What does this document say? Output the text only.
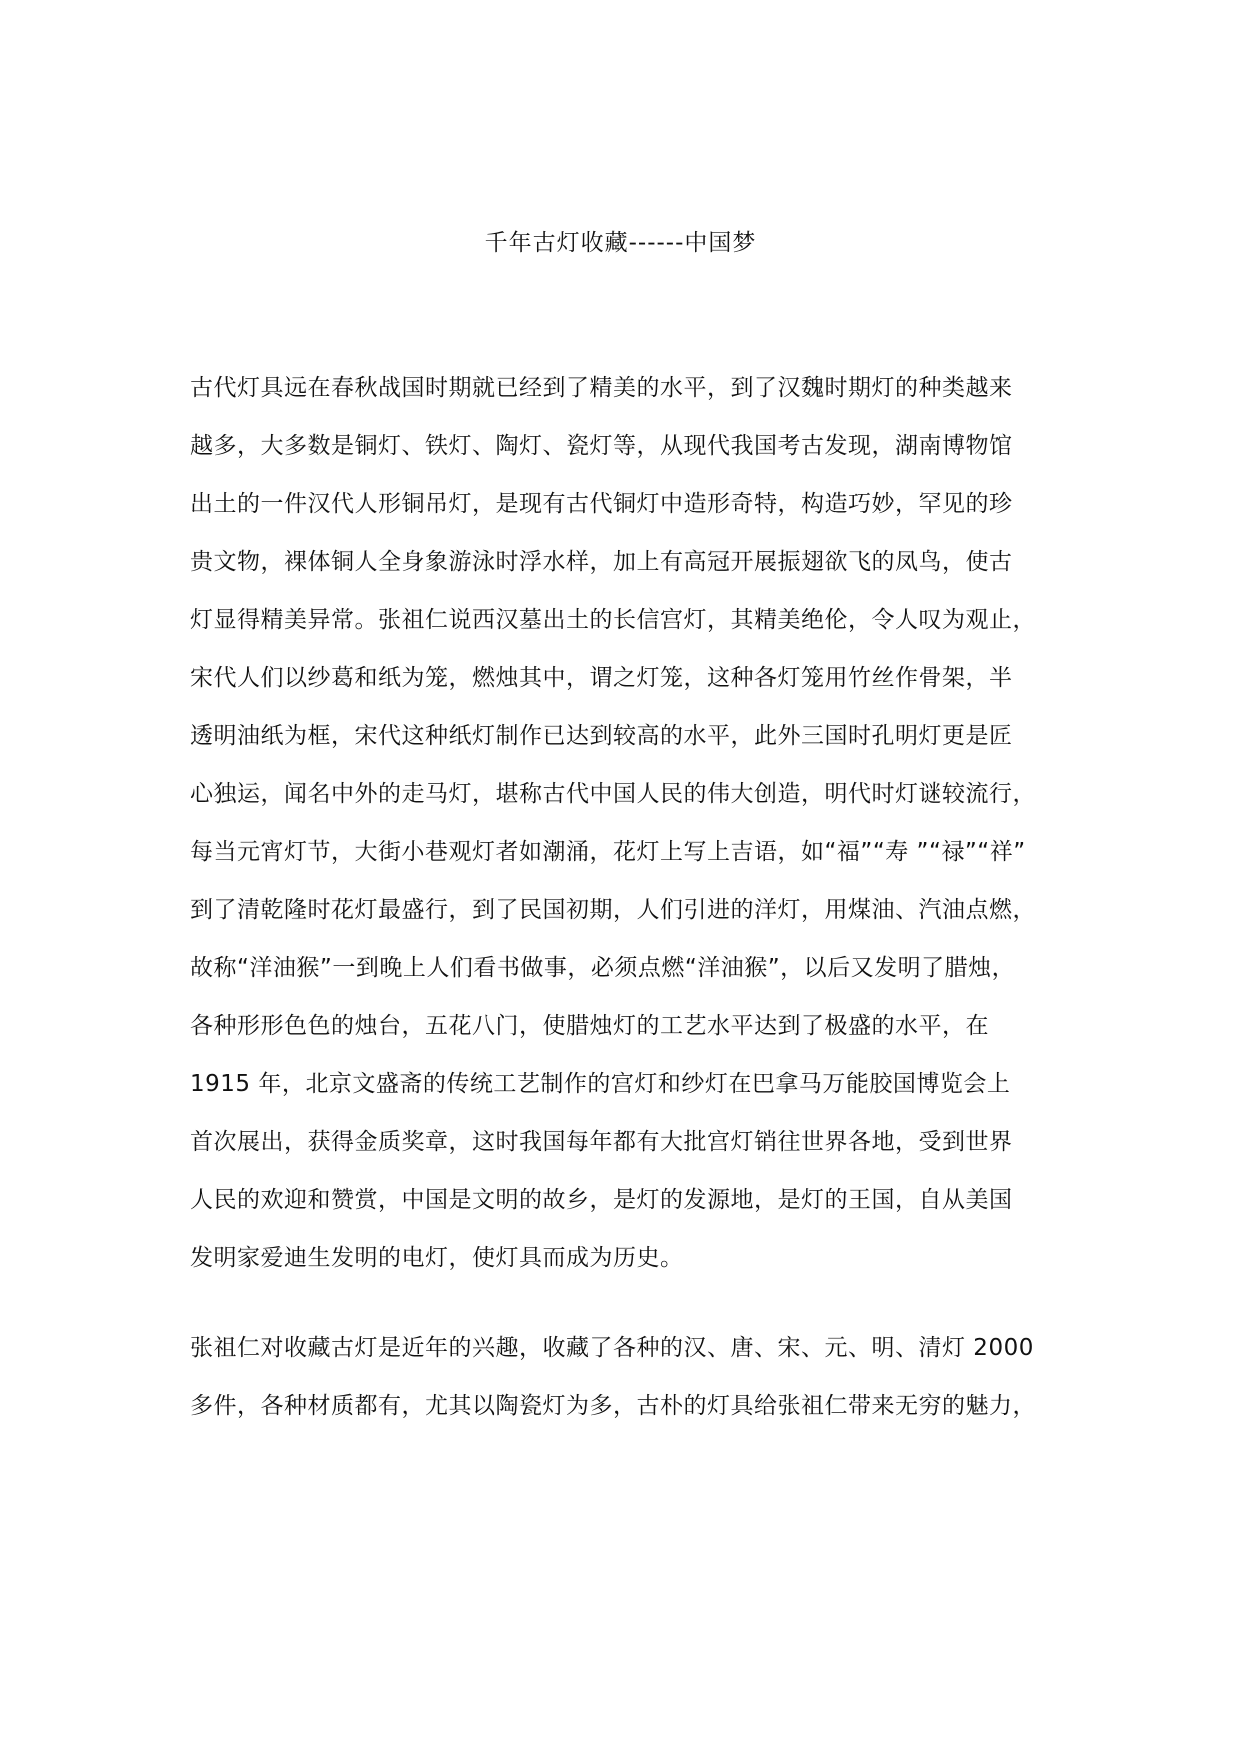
千年古灯收藏------中国梦
古代灯具远在春秋战国时期就已经到了精美的水平，到了汉魏时期灯的种类越来
越多，大多数是铜灯、铁灯、陶灯、瓷灯等，从现代我国考古发现，湖南博物馆
出土的一件汉代人形铜吊灯，是现有古代铜灯中造形奇特，构造巧妙，罕见的珍
贵文物，裸体铜人全身象游泳时浮水样，加上有高冠开展振翅欲飞的凤鸟，使古
灯显得精美异常。张祖仁说西汉墓出土的长信宫灯，其精美绝伦，令人叹为观止，
宋代人们以纱葛和纸为笼，燃烛其中，谓之灯笼，这种各灯笼用竹丝作骨架，半
透明油纸为框，宋代这种纸灯制作已达到较高的水平，此外三国时孔明灯更是匠
心独运，闻名中外的走马灯，堪称古代中国人民的伟大创造，明代时灯谜较流行，
每当元宵灯节，大街小巷观灯者如潮涌，花灯上写上吉语，如“福”“寿 ”“禄”“祥”
到了清乾隆时花灯最盛行，到了民国初期，人们引进的洋灯，用煤油、汽油点燃，
故称“洋油猴”一到晚上人们看书做事，必须点燃“洋油猴”，以后又发明了腊烛，
各种形形色色的烛台，五花八门，使腊烛灯的工艺水平达到了极盛的水平，在
1915 年，北京文盛斋的传统工艺制作的宫灯和纱灯在巴拿马万能胶国博览会上
首次展出，获得金质奖章，这时我国每年都有大批宫灯销往世界各地，受到世界
人民的欢迎和赞赏，中国是文明的故乡，是灯的发源地，是灯的王国，自从美国
发明家爱迪生发明的电灯，使灯具而成为历史。
张祖仁对收藏古灯是近年的兴趣，收藏了各种的汉、唐、宋、元、明、清灯 2000
多件，各种材质都有，尤其以陶瓷灯为多，古朴的灯具给张祖仁带来无穷的魅力，
